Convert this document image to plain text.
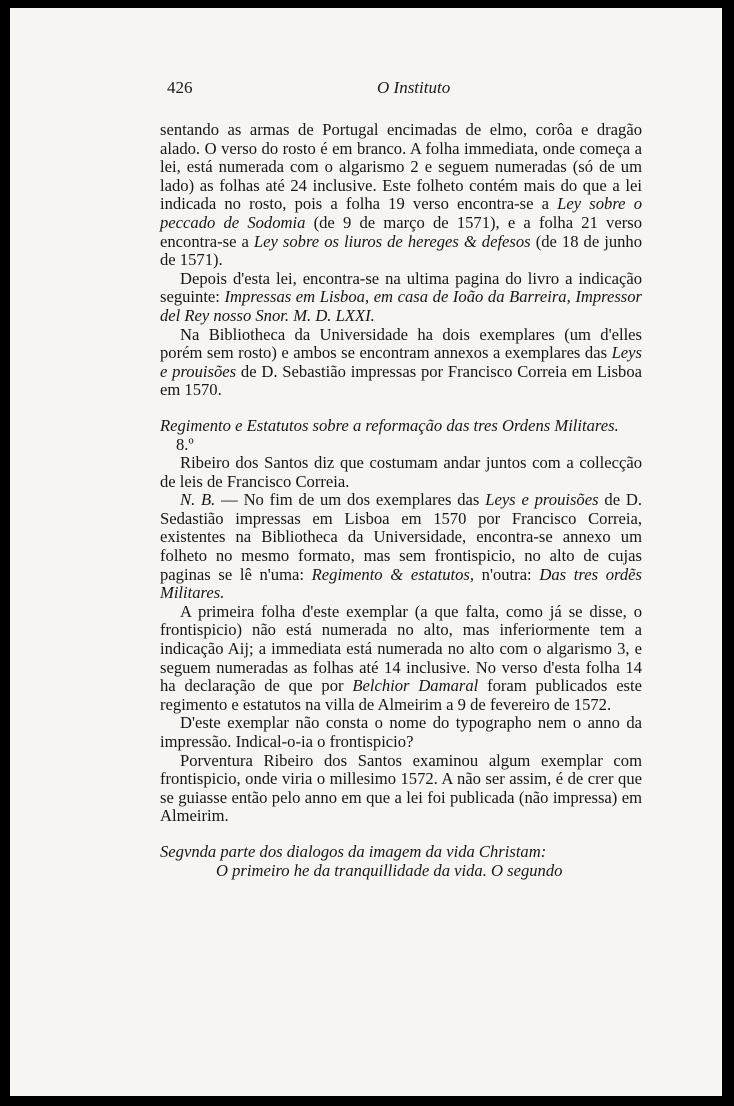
426	O Instituto

sentando as armas de Portugal encimadas de elmo, corôa e dragão alado. O verso do rosto é em branco. A folha immediata, onde começa a lei, está numerada com o algarismo 2 e seguem numeradas (só de um lado) as folhas até 24 inclusive. Este folheto contém mais do que a lei indicada no rosto, pois a folha 19 verso encontra-se a Ley sobre o peccado de Sodomia (de 9 de março de 1571), e a folha 21 verso encontra-se a Ley sobre os liuros de hereges & defesos (de 18 de junho de 1571).

Depois d'esta lei, encontra-se na ultima pagina do livro a indicação seguinte: Impressas em Lisboa, em casa de Ioão da Barreira, Impressor del Rey nosso Snor. M. D. LXXI.

Na Bibliotheca da Universidade ha dois exemplares (um d'elles porém sem rosto) e ambos se encontram annexos a exemplares das Leys e prouisões de D. Sebastião impressas por Francisco Correia em Lisboa em 1570.

Regimento e Estatutos sobre a reformação das tres Ordens Militares.

8.º

Ribeiro dos Santos diz que costumam andar juntos com a collecção de leis de Francisco Correia.

N. B. — No fim de um dos exemplares das Leys e prouisões de D. Sedastião impressas em Lisboa em 1570 por Francisco Correia, existentes na Bibliotheca da Universidade, encontra-se annexo um folheto no mesmo formato, mas sem frontispicio, no alto de cujas paginas se lê n'uma: Regimento & estatutos, n'outra: Das tres ordẽs Militares.

A primeira folha d'este exemplar (a que falta, como já se disse, o frontispicio) não está numerada no alto, mas inferiormente tem a indicação Aij; a immediata está numerada no alto com o algarismo 3, e seguem numeradas as folhas até 14 inclusive. No verso d'esta folha 14 ha declaração de que por Belchior Damaral foram publicados este regimento e estatutos na villa de Almeirim a 9 de fevereiro de 1572.

D'este exemplar não consta o nome do typographo nem o anno da impressão. Indical-o-ia o frontispicio?

Porventura Ribeiro dos Santos examinou algum exemplar com frontispicio, onde viria o millesimo 1572. A não ser assim, é de crer que se guiasse então pelo anno em que a lei foi publicada (não impressa) em Almeirim.

Segvnda parte dos dialogos da imagem da vida Christam:
O primeiro he da tranquillidade da vida. O segundo
